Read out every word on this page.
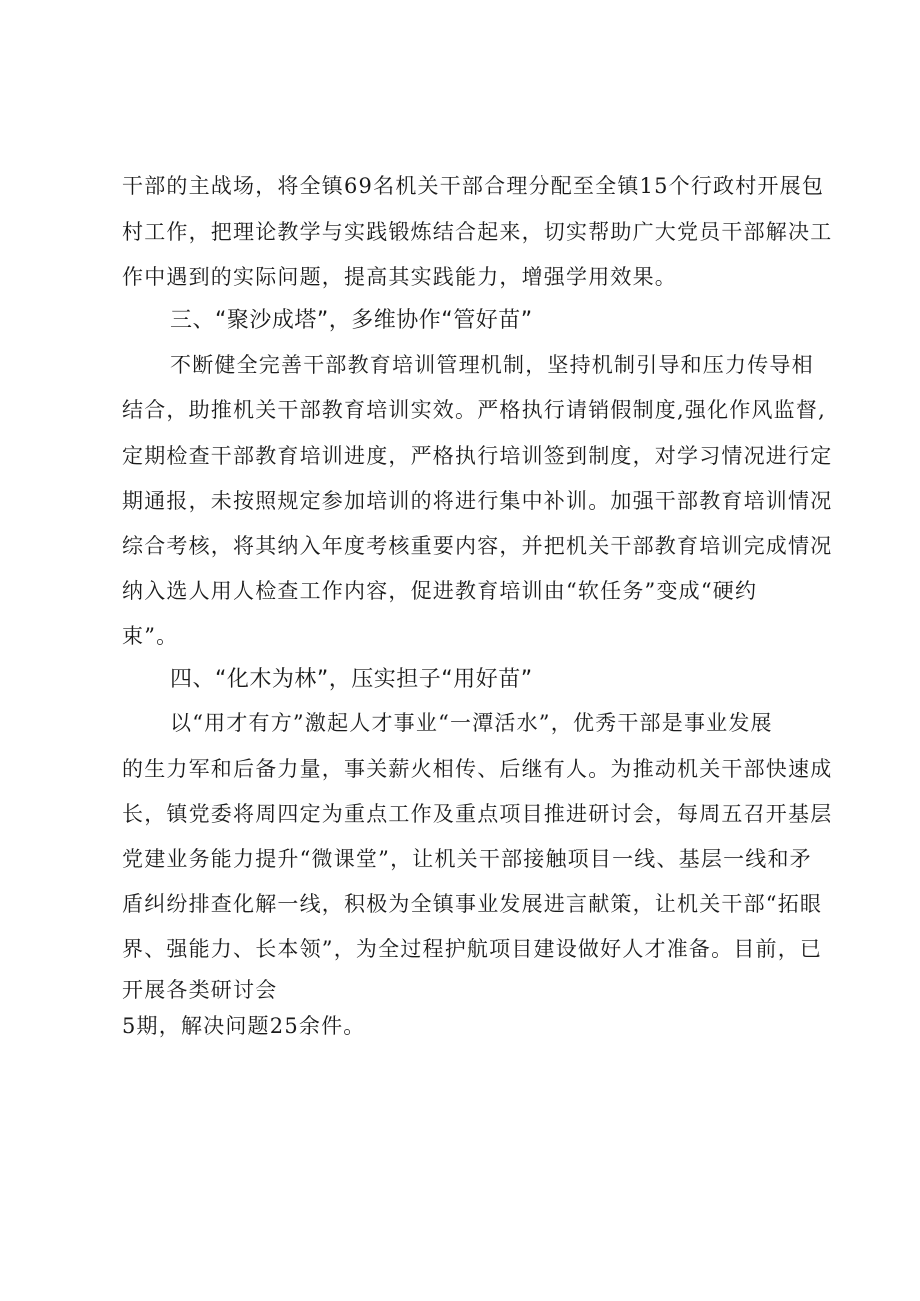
干部的主战场，将全镇69名机关干部合理分配至全镇15个行政村开展包
村工作，把理论教学与实践锻炼结合起来，切实帮助广大党员干部解决工
作中遇到的实际问题，提高其实践能力，增强学用效果。
三、“聚沙成塔”，多维协作“管好苗”
不断健全完善干部教育培训管理机制，坚持机制引导和压力传导相
结合，助推机关干部教育培训实效。严格执行请销假制度,强化作风监督,
定期检查干部教育培训进度，严格执行培训签到制度，对学习情况进行定
期通报，未按照规定参加培训的将进行集中补训。加强干部教育培训情况
综合考核，将其纳入年度考核重要内容，并把机关干部教育培训完成情况
纳入选人用人检查工作内容，促进教育培训由“软任务”变成“硬约
束”。
四、“化木为林”，压实担子“用好苗”
以“用才有方”激起人才事业“一潭活水”，优秀干部是事业发展
的生力军和后备力量，事关薪火相传、后继有人。为推动机关干部快速成
长，镇党委将周四定为重点工作及重点项目推进研讨会，每周五召开基层
党建业务能力提升“微课堂”，让机关干部接触项目一线、基层一线和矛
盾纠纷排查化解一线，积极为全镇事业发展进言献策，让机关干部“拓眼
界、强能力、长本领”，为全过程护航项目建设做好人才准备。目前，已
开展各类研讨会
5期，解决问题25余件。
